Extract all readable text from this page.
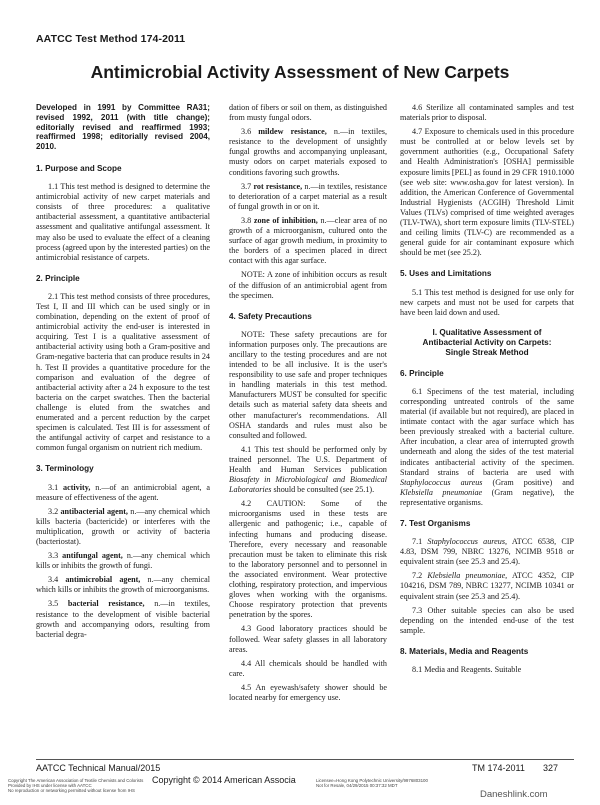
AATCC Test Method 174-2011
Antimicrobial Activity Assessment of New Carpets

Developed in 1991 by Committee RA31; revised 1992, 2011 (with title change); editorially revised and reaffirmed 1993; reaffirmed 1998; editorially revised 2004, 2010.

1. Purpose and Scope

1.1 This test method is designed to determine the antimicrobial activity of new carpet materials and consists of three procedures: a qualitative antibacterial assessment, a quantitative antibacterial assessment and qualitative antifungal assessment. It may also be used to evaluate the effect of a cleaning process (agreed upon by the interested parties) on the antimicrobial resistance of carpets.

2. Principle

2.1 This test method consists of three procedures, Test I, II and III which can be used singly or in combination, depending on the extent of proof of antimicrobial activity the end-user is interested in acquiring. Test I is a qualitative assessment of antibacterial activity using both a Gram-positive and Gram-negative bacteria that can produce results in 24 h. Test II provides a quantitative procedure for the comparison and evaluation of the degree of antibacterial activity after a 24 h exposure to the test bacteria on the carpet swatches. Then the bacterial challenge is eluted from the swatches and enumerated and a percent reduction by the carpet specimen is calculated. Test III is for assessment of the antifungal activity of carpet and resistance to a common fungal organism on nutrient rich medium.

3. Terminology

3.1 activity, n.—of an antimicrobial agent, a measure of effectiveness of the agent.

3.2 antibacterial agent, n.—any chemical which kills bacteria (bactericide) or interferes with the multiplication, growth or activity of bacteria (bacteriostat).

3.3 antifungal agent, n.—any chemical which kills or inhibits the growth of fungi.

3.4 antimicrobial agent, n.—any chemical which kills or inhibits the growth of microorganisms.

3.5 bacterial resistance, n.—in textiles, resistance to the development of visible bacterial growth and accompanying odors, resulting from bacterial degra-

dation of fibers or soil on them, as distinguished from musty fungal odors.

3.6 mildew resistance, n.—in textiles, resistance to the development of unsightly fungal growths and accompanying unpleasant, musty odors on carpet materials exposed to conditions favoring such growths.

3.7 rot resistance, n.—in textiles, resistance to deterioration of a carpet material as a result of fungal growth in or on it.

3.8 zone of inhibition, n.—clear area of no growth of a microorganism, cultured onto the surface of agar growth medium, in proximity to the borders of a specimen placed in direct contact with this agar surface.

NOTE: A zone of inhibition occurs as result of the diffusion of an antimicrobial agent from the specimen.

4. Safety Precautions

NOTE: These safety precautions are for information purposes only. The precautions are ancillary to the testing procedures and are not intended to be all inclusive. It is the user's responsibility to use safe and proper techniques in handling materials in this test method. Manufacturers MUST be consulted for specific details such as material safety data sheets and other manufacturer's recommendations. All OSHA standards and rules must also be consulted and followed.

4.1 This test should be performed only by trained personnel. The U.S. Department of Health and Human Services publication Biosafety in Microbiological and Biomedical Laboratories should be consulted (see 25.1).

4.2 CAUTION: Some of the microorganisms used in these tests are allergenic and pathogenic; i.e., capable of infecting humans and producing disease. Therefore, every necessary and reasonable precaution must be taken to eliminate this risk to the laboratory personnel and to personnel in the associated environment. Wear protective clothing, respiratory protection, and impervious gloves when working with the organisms. Choose respiratory protection that prevents penetration by the spores.

4.3 Good laboratory practices should be followed. Wear safety glasses in all laboratory areas.

4.4 All chemicals should be handled with care.

4.5 An eyewash/safety shower should be located nearby for emergency use.

4.6 Sterilize all contaminated samples and test materials prior to disposal.

4.7 Exposure to chemicals used in this procedure must be controlled at or below levels set by government authorities (e.g., Occupational Safety and Health Administration's [OSHA] permissible exposure limits [PEL] as found in 29 CFR 1910.1000 (see web site: www.osha.gov for latest version). In addition, the American Conference of Governmental Industrial Hygienists (ACGIH) Threshold Limit Values (TLVs) comprised of time weighted averages (TLV-TWA), short term exposure limits (TLV-STEL) and ceiling limits (TLV-C) are recommended as a general guide for air contaminant exposure which should be met (see 25.2).

5. Uses and Limitations

5.1 This test method is designed for use only for new carpets and must not be used for carpets that have been laid down and used.

I. Qualitative Assessment of
Antibacterial Activity on Carpets:
Single Streak Method
6. Principle

6.1 Specimens of the test material, including corresponding untreated controls of the same material (if available but not required), are placed in intimate contact with the agar surface which has been previously streaked with a bacterial culture. After incubation, a clear area of interrupted growth underneath and along the sides of the test material indicates antibacterial activity of the specimen. Standard strains of bacteria are used with Staphylococcus aureus (Gram positive) and Klebsiella pneumoniae (Gram negative), the representative organisms.

7. Test Organisms

7.1 Staphylococcus aureus, ATCC 6538, CIP 4.83, DSM 799, NBRC 13276, NCIMB 9518 or equivalent strain (see 25.3 and 25.4).

7.2 Klebsiella pneumoniae, ATCC 4352, CIP 104216, DSM 789, NBRC 13277, NCIMB 10341 or equivalent strain (see 25.3 and 25.4).

7.3 Other suitable species can also be used depending on the intended end-use of the test sample.

8. Materials, Media and Reagents

8.1 Media and Reagents. Suitable

AATCC Technical Manual/2015
Copyright © 2014 American Associa
TM 174-2011 327
Copyright The American Association of Textile Chemists and Colorists
Provided by IHS under license with AATCC
No reproduction or networking permitted without license from IHS
Licensee=Hong Kong Polytechnic University/9976803100
Not for Resale, 04/29/2015 00:37:32 MDT
Daneshlink.com
